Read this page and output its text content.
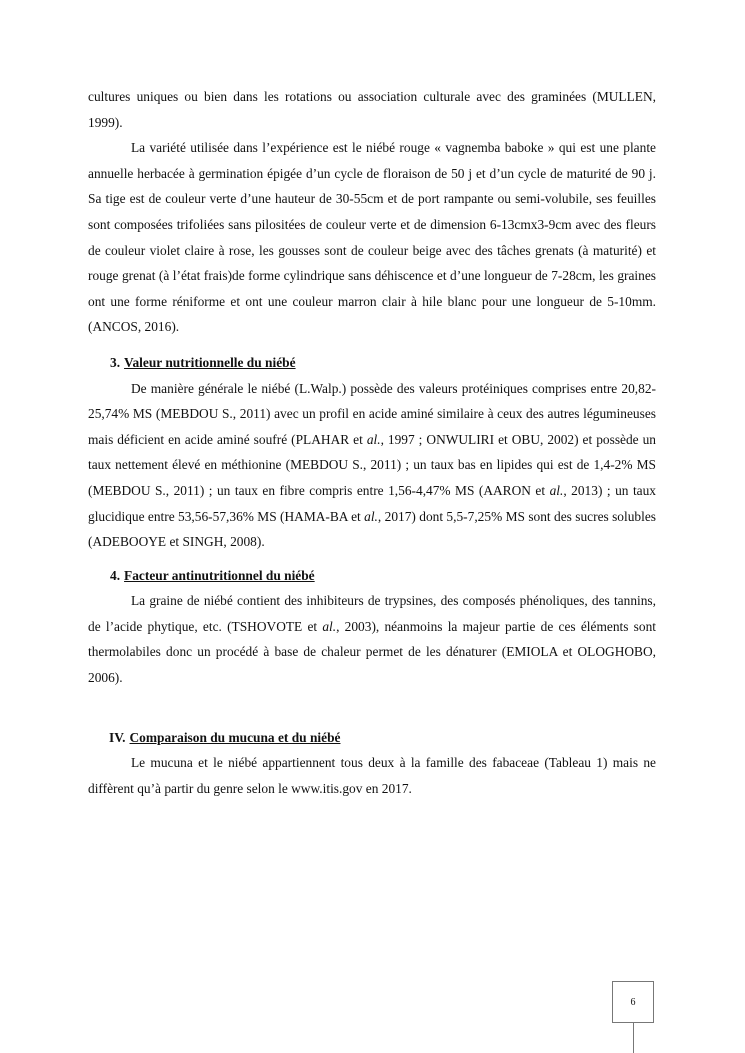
cultures uniques ou bien dans les rotations ou association culturale avec des graminées (MULLEN, 1999).

La variété utilisée dans l’expérience est le niébé rouge « vagnemba baboke » qui est une plante annuelle herbacée à germination épigée d’un cycle de floraison de 50 j et d’un cycle de maturité de 90 j. Sa tige est de couleur verte d’une hauteur de 30-55cm et de port rampante ou semi-volubile, ses feuilles sont composées trifoliées sans pilositées de couleur verte et de dimension 6-13cmx3-9cm avec des fleurs de couleur violet claire à rose, les gousses sont de couleur beige avec des tâches grenats (à maturité) et rouge grenat (à l’état frais)de forme cylindrique sans déhiscence et d’une longueur de 7-28cm, les graines ont une forme réniforme et ont une couleur marron clair à hile blanc pour une longueur de 5-10mm. (ANCOS, 2016).

3. Valeur nutritionnelle du niébé

De manière générale le niébé (L.Walp.) possède des valeurs protéiniques comprises entre 20,82-25,74% MS (MEBDOU S., 2011) avec un profil en acide aminé similaire à ceux des autres légumineuses mais déficient en acide aminé soufré (PLAHAR et al., 1997 ; ONWULIRI et OBU, 2002) et possède un taux nettement élevé en méthionine (MEBDOU S., 2011) ; un taux bas en lipides qui est de 1,4-2% MS (MEBDOU S., 2011) ; un taux en fibre compris entre 1,56-4,47% MS (AARON et al., 2013) ; un taux glucidique entre 53,56-57,36% MS (HAMA-BA et al., 2017) dont 5,5-7,25% MS sont des sucres solubles (ADEBOOYE et SINGH, 2008).

4. Facteur antinutritionnel du niébé

La graine de niébé contient des inhibiteurs de trypsines, des composés phénoliques, des tannins, de l’acide phytique, etc. (TSHOVOTE et al., 2003), néanmoins la majeur partie de ces éléments sont thermolabiles donc un procédé à base de chaleur permet de les dénaturer (EMIOLA et OLOGHOBO, 2006).

IV. Comparaison du mucuna et du niébé

Le mucuna et le niébé appartiennent tous deux à la famille des fabaceae (Tableau 1) mais ne diffèrent qu’à partir du genre selon le www.itis.gov en 2017.

6
